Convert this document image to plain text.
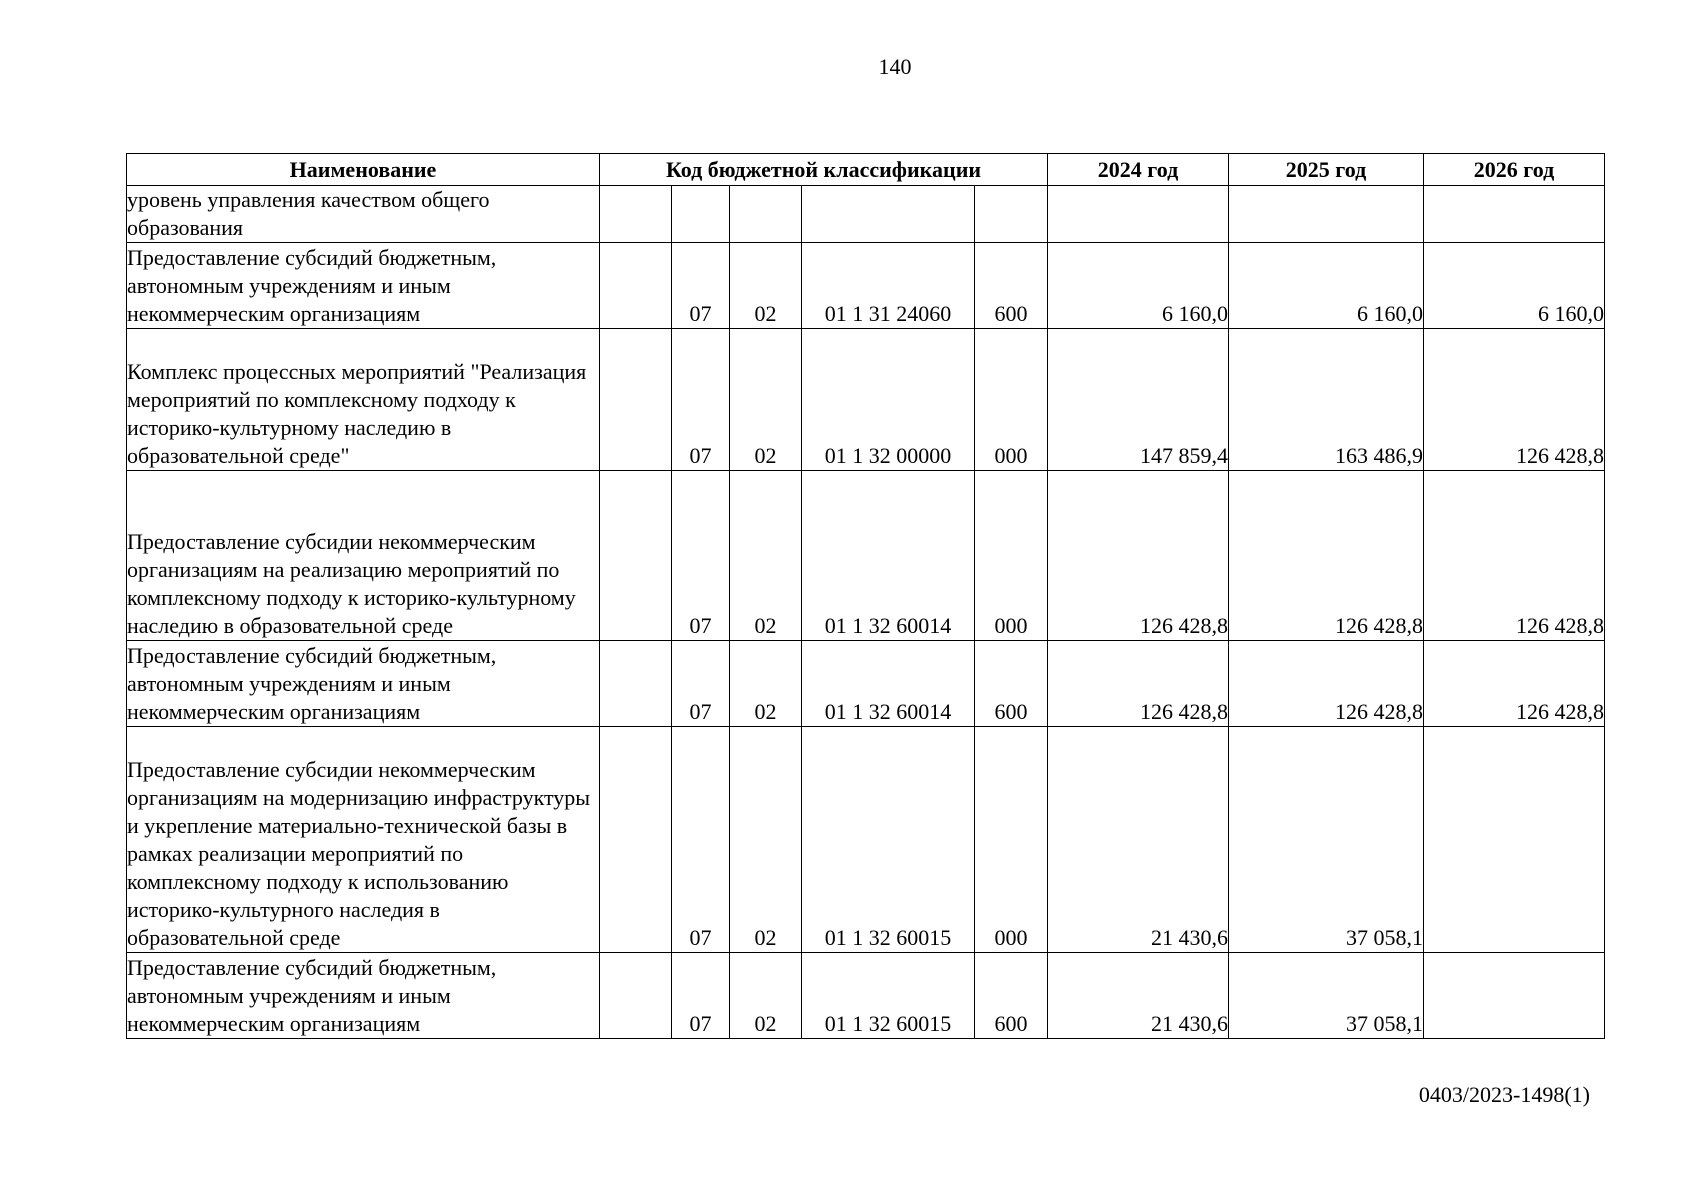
140
Наименование	Код бюджетной классификации					2024 год	2025 год	2026 год
уровень управления качеством общего образования								
Предоставление субсидий бюджетным, автономным учреждениям и иным некоммерческим организациям		07	02	01 1 31 24060	600	6 160,0	6 160,0	6 160,0
Комплекс процессных мероприятий "Реализация мероприятий по комплексному подходу к историко-культурному наследию в образовательной среде"		07	02	01 1 32 00000	000	147 859,4	163 486,9	126 428,8
Предоставление субсидии некоммерческим организациям на реализацию мероприятий по комплексному подходу к историко-культурному наследию в образовательной среде		07	02	01 1 32 60014	000	126 428,8	126 428,8	126 428,8
Предоставление субсидий бюджетным, автономным учреждениям и иным некоммерческим организациям		07	02	01 1 32 60014	600	126 428,8	126 428,8	126 428,8
Предоставление субсидии некоммерческим организациям на модернизацию инфраструктуры и укрепление материально-технической базы в рамках реализации мероприятий по комплексному подходу к использованию историко-культурного наследия в образовательной среде		07	02	01 1 32 60015	000	21 430,6	37 058,1	
Предоставление субсидий бюджетным, автономным учреждениям и иным некоммерческим организациям		07	02	01 1 32 60015	600	21 430,6	37 058,1	
0403/2023-1498(1)
